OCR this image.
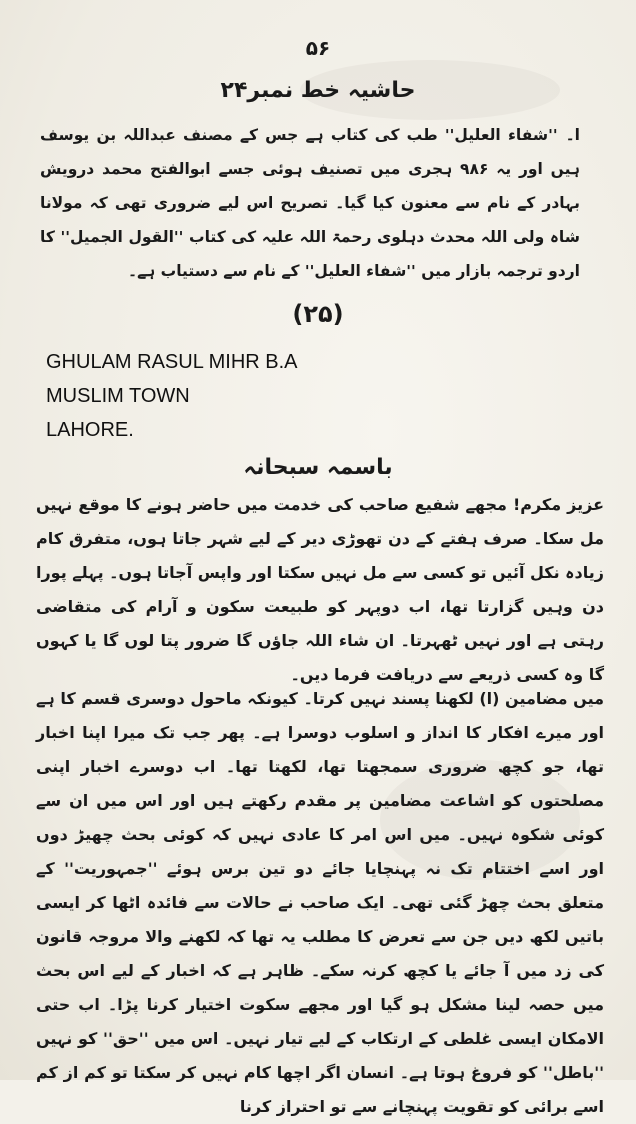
۵۶
حاشیہ خط نمبر۲۴
ا۔''شفاء العلیل'' طب کی کتاب ہے جس کے مصنف عبداللہ بن یوسف ہیں اور یہ ۹۸۶ ہجری میں تصنیف ہوئی جسے ابوالفتح محمد درویش بہادر کے نام سے معنون کیا گیا۔ تصریح اس لیے ضروری تھی کہ مولانا شاہ ولی اللہ محدث دہلوی رحمۃ اللہ علیہ کی کتاب ''القول الجمیل'' کا اردو ترجمہ بازار میں ''شفاء العلیل'' کے نام سے دستیاب ہے۔
(۲۵)
GHULAM RASUL MIHR B.A
MUSLIM TOWN
LAHORE.
باسمہ سبحانہ
عزیز مکرم! مجھے شفیع صاحب کی خدمت میں حاضر ہونے کا موقع نہیں مل سکا۔ صرف ہفتے کے دن تھوڑی دیر کے لیے شہر جاتا ہوں، متفرق کام زیادہ نکل آئیں تو کسی سے مل نہیں سکتا اور واپس آجاتا ہوں۔ پہلے پورا دن وہیں گزارتا تھا، اب دوپہر کو طبیعت سکون و آرام کی متقاضی رہتی ہے اور نہیں ٹھہرتا۔ ان شاء اللہ جاؤں گا ضرور پتا لوں گا یا کہوں گا وہ کسی ذریعے سے دریافت فرما دیں۔
میں مضامین (ا) لکھنا پسند نہیں کرتا۔ کیونکہ ماحول دوسری قسم کا ہے اور میرے افکار کا انداز و اسلوب دوسرا ہے۔ پھر جب تک میرا اپنا اخبار تھا، جو کچھ ضروری سمجھتا تھا، لکھتا تھا۔ اب دوسرے اخبار اپنی مصلحتوں کو اشاعت مضامین پر مقدم رکھتے ہیں اور اس میں ان سے کوئی شکوہ نہیں۔ میں اس امر کا عادی نہیں کہ کوئی بحث چھیڑ دوں اور اسے اختتام تک نہ پہنچایا جائے دو تین برس ہوئے ''جمہوریت'' کے متعلق بحث چھڑ گئی تھی۔ ایک صاحب نے حالات سے فائدہ اٹھا کر ایسی باتیں لکھ دیں جن سے تعرض کا مطلب یہ تھا کہ لکھنے والا مروجہ قانون کی زد میں آ جائے یا کچھ کرنہ سکے۔ ظاہر ہے کہ اخبار کے لیے اس بحث میں حصہ لینا مشکل ہو گیا اور مجھے سکوت اختیار کرنا پڑا۔ اب حتی الامکان ایسی غلطی کے ارتکاب کے لیے تیار نہیں۔ اس میں ''حق'' کو نہیں ''باطل'' کو فروغ ہوتا ہے۔ انسان اگر اچھا کام نہیں کر سکتا تو کم از کم اسے برائی کو تقویت پہنچانے سے تو احتراز کرنا
